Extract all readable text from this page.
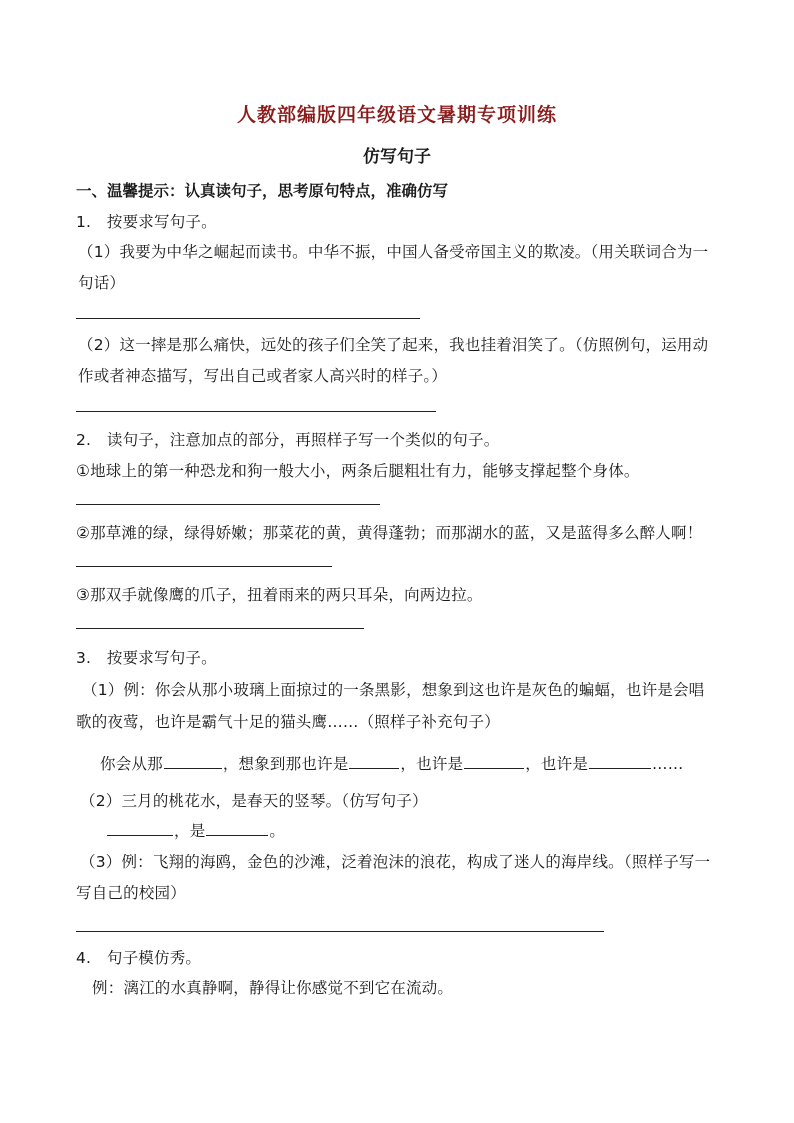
人教部编版四年级语文暑期专项训练
仿写句子
一、温馨提示：认真读句子，思考原句特点，准确仿写
1.　按要求写句子。
（1）我要为中华之崛起而读书。中华不振，中国人备受帝国主义的欺凌。（用关联词合为一
句话）
（2）这一摔是那么痛快，远处的孩子们全笑了起来，我也挂着泪笑了。（仿照例句，运用动
作或者神态描写，写出自己或者家人高兴时的样子。）
2.　读句子，注意加点的部分，再照样子写一个类似的句子。
①地球上的第一种恐龙和狗一般大小，两条后腿粗壮有力，能够支撑起整个身体。
②那草滩的绿，绿得娇嫩；那菜花的黄，黄得蓬勃；而那湖水的蓝，又是蓝得多么醉人啊！
③那双手就像鹰的爪子，扭着雨来的两只耳朵，向两边拉。
3.　按要求写句子。
（1）例：你会从那小玻璃上面掠过的一条黑影，想象到这也许是灰色的蝙蝠，也许是会唱
歌的夜莺，也许是霸气十足的猫头鹰……（照样子补充句子）
你会从那	，想象到那也许是	，也许是	，也许是	……
（2）三月的桃花水，是春天的竖琴。（仿写句子）
，是	。
（3）例：飞翔的海鸥，金色的沙滩，泛着泡沫的浪花，构成了迷人的海岸线。（照样子写一
写自己的校园）
4.　句子模仿秀。
例：漓江的水真静啊，静得让你感觉不到它在流动。
